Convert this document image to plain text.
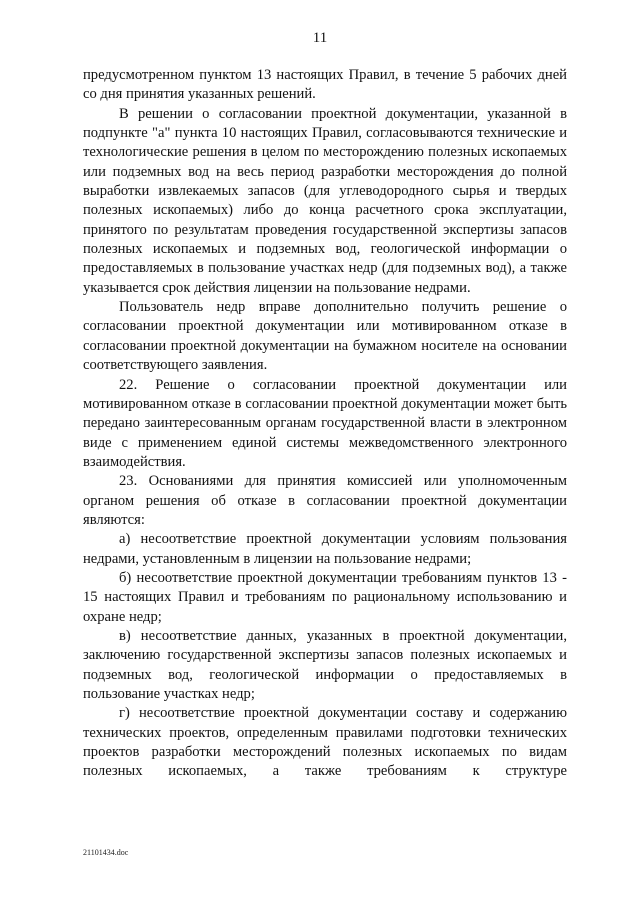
11

предусмотренном пунктом 13 настоящих Правил, в течение 5 рабочих дней со дня принятия указанных решений.

В решении о согласовании проектной документации, указанной в подпункте "а" пункта 10 настоящих Правил, согласовываются технические и технологические решения в целом по месторождению полезных ископаемых или подземных вод на весь период разработки месторождения до полной выработки извлекаемых запасов (для углеводородного сырья и твердых полезных ископаемых) либо до конца расчетного срока эксплуатации, принятого по результатам проведения государственной экспертизы запасов полезных ископаемых и подземных вод, геологической информации о предоставляемых в пользование участках недр (для подземных вод), а также указывается срок действия лицензии на пользование недрами.

Пользователь недр вправе дополнительно получить решение о согласовании проектной документации или мотивированном отказе в согласовании проектной документации на бумажном носителе на основании соответствующего заявления.

22. Решение о согласовании проектной документации или мотивированном отказе в согласовании проектной документации может быть передано заинтересованным органам государственной власти в электронном виде с применением единой системы межведомственного электронного взаимодействия.

23. Основаниями для принятия комиссией или уполномоченным органом решения об отказе в согласовании проектной документации являются:

а) несоответствие проектной документации условиям пользования недрами, установленным в лицензии на пользование недрами;

б) несоответствие проектной документации требованиям пунктов 13 - 15 настоящих Правил и требованиям по рациональному использованию и охране недр;

в) несоответствие данных, указанных в проектной документации, заключению государственной экспертизы запасов полезных ископаемых и подземных вод, геологической информации о предоставляемых в пользование участках недр;

г) несоответствие проектной документации составу и содержанию технических проектов, определенным правилами подготовки технических проектов разработки месторождений полезных ископаемых по видам полезных ископаемых, а также требованиям к структуре

21101434.doc
